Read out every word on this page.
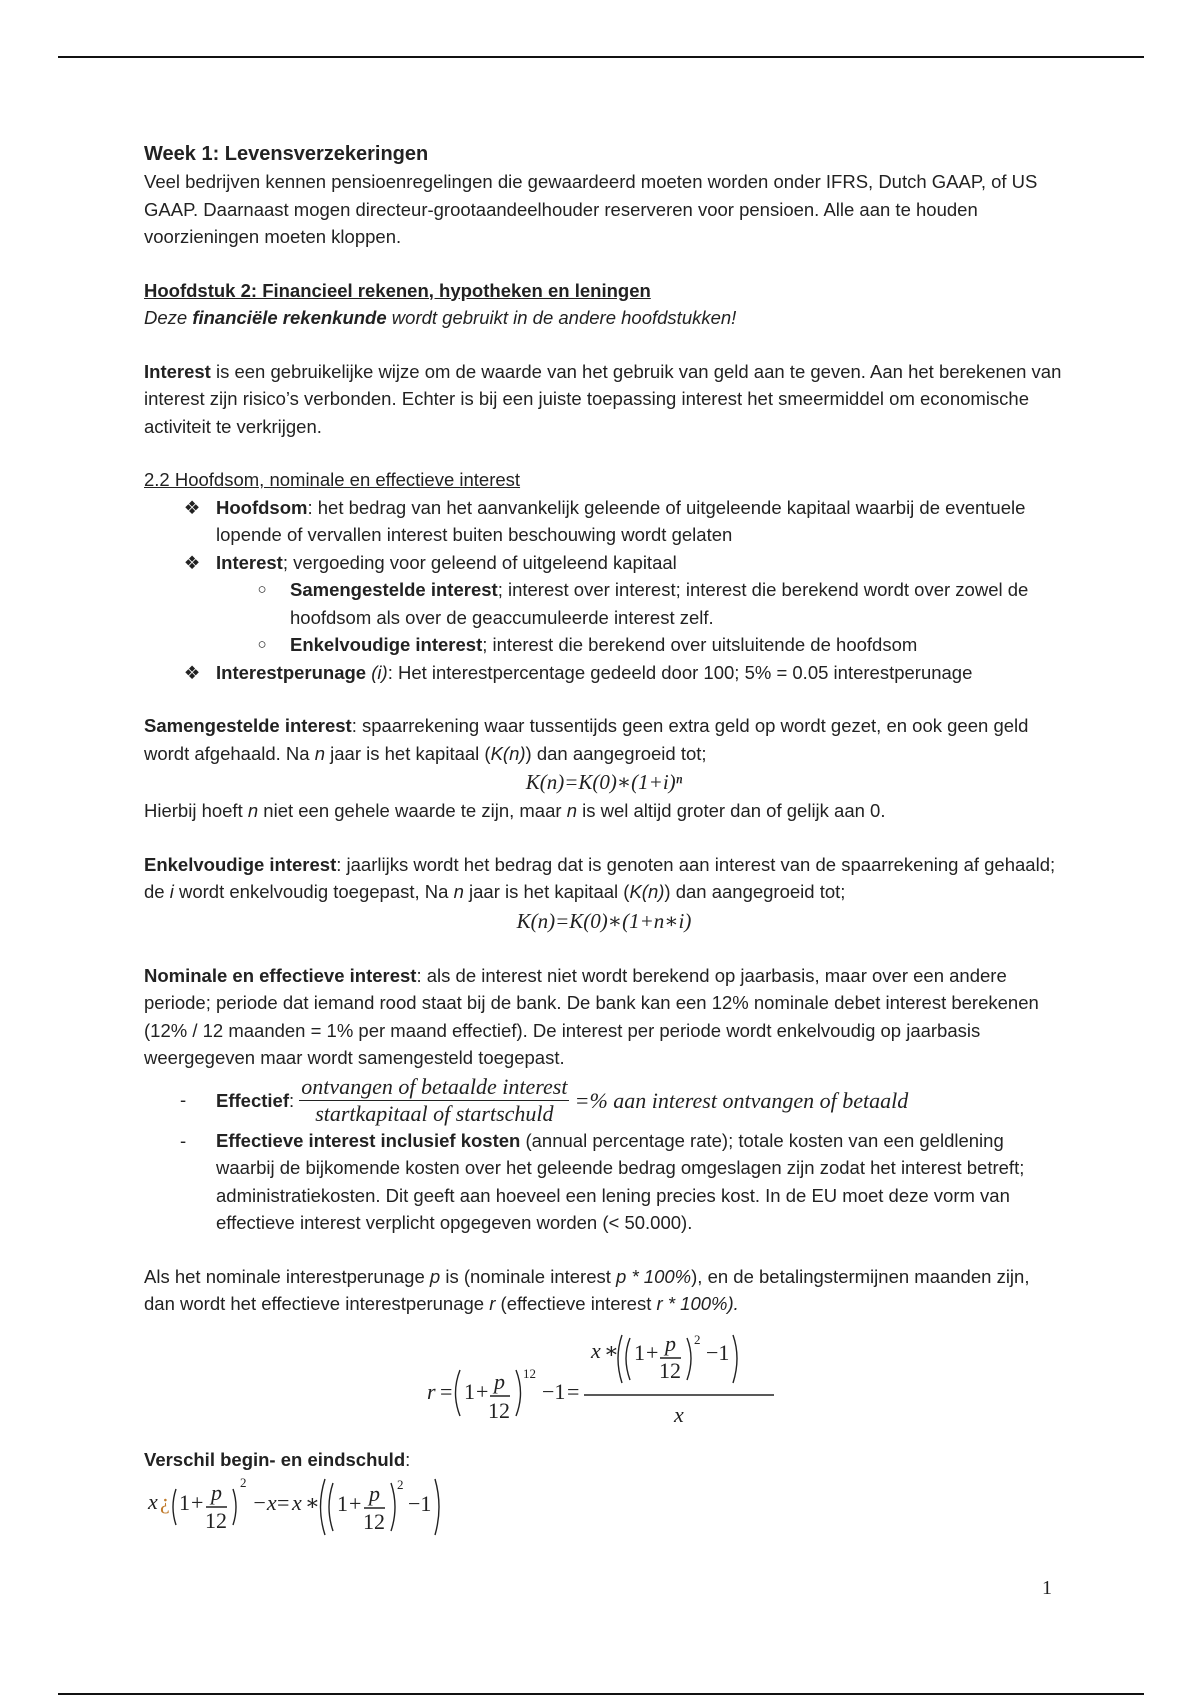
Week 1: Levensverzekeringen

Veel bedrijven kennen pensioenregelingen die gewaardeerd moeten worden onder IFRS, Dutch GAAP, of US GAAP. Daarnaast mogen directeur-grootaandeelhouder reserveren voor pensioen. Alle aan te houden voorzieningen moeten kloppen.

Hoofdstuk 2: Financieel rekenen, hypotheken en leningen

Deze financiële rekenkunde wordt gebruikt in de andere hoofdstukken!

Interest is een gebruikelijke wijze om de waarde van het gebruik van geld aan te geven. Aan het berekenen van interest zijn risico’s verbonden. Echter is bij een juiste toepassing interest het smeermiddel om economische activiteit te verkrijgen.

2.2 Hoofdsom, nominale en effectieve interest

❖ Hoofdsom: het bedrag van het aanvankelijk geleende of uitgeleende kapitaal waarbij de eventuele lopende of vervallen interest buiten beschouwing wordt gelaten
❖ Interest; vergoeding voor geleend of uitgeleend kapitaal
○	Samengestelde interest; interest over interest; interest die berekend wordt over zowel de hoofdsom als over de geaccumuleerde interest zelf.
○	Enkelvoudige interest; interest die berekend over uitsluitende de hoofdsom
❖ Interestperunage (i): Het interestpercentage gedeeld door 100; 5% = 0.05 interestperunage

Samengestelde interest: spaarrekening waar tussentijds geen extra geld op wordt gezet, en ook geen geld wordt afgehaald. Na n jaar is het kapitaal (K(n)) dan aangegroeid tot;

K(n)=K(0)∗(1+i)ⁿ

Hierbij hoeft n niet een gehele waarde te zijn, maar n is wel altijd groter dan of gelijk aan 0.

Enkelvoudige interest: jaarlijks wordt het bedrag dat is genoten aan interest van de spaarrekening af gehaald; de i wordt enkelvoudig toegepast, Na n jaar is het kapitaal (K(n)) dan aangegroeid tot;

K(n)=K(0)∗(1+n∗i)

Nominale en effectieve interest: als de interest niet wordt berekend op jaarbasis, maar over een andere periode; periode dat iemand rood staat bij de bank. De bank kan een 12% nominale debet interest berekenen (12% / 12 maanden = 1% per maand effectief). De interest per periode wordt enkelvoudig op jaarbasis weergegeven maar wordt samengesteld toegepast.

-	Effectief: $\frac{\text{ontvangen of betaalde interest}}{\text{startkapitaal of startschuld}}$ =% aan interest ontvangen of betaald
-	Effectieve interest inclusief kosten (annual percentage rate); totale kosten van een geldlening waarbij de bijkomende kosten over het geleende bedrag omgeslagen zijn zodat het interest betreft; administratiekosten. Dit geeft aan hoeveel een lening precies kost. In de EU moet deze vorm van effectieve interest verplicht opgegeven worden (< 50.000).

Als het nominale interestperunage p is (nominale interest p * 100%), en de betalingstermijnen maanden zijn, dan wordt het effectieve interestperunage r (effectieve interest r * 100%).

r = 1 + p
12
12
−1 =
x ∗ 1 + p
12
2
−1
x

Verschil begin- en eindschuld:

x ¿ 1 + p
12
2
−x = x ∗ 1 + p
12
2
−1
1
